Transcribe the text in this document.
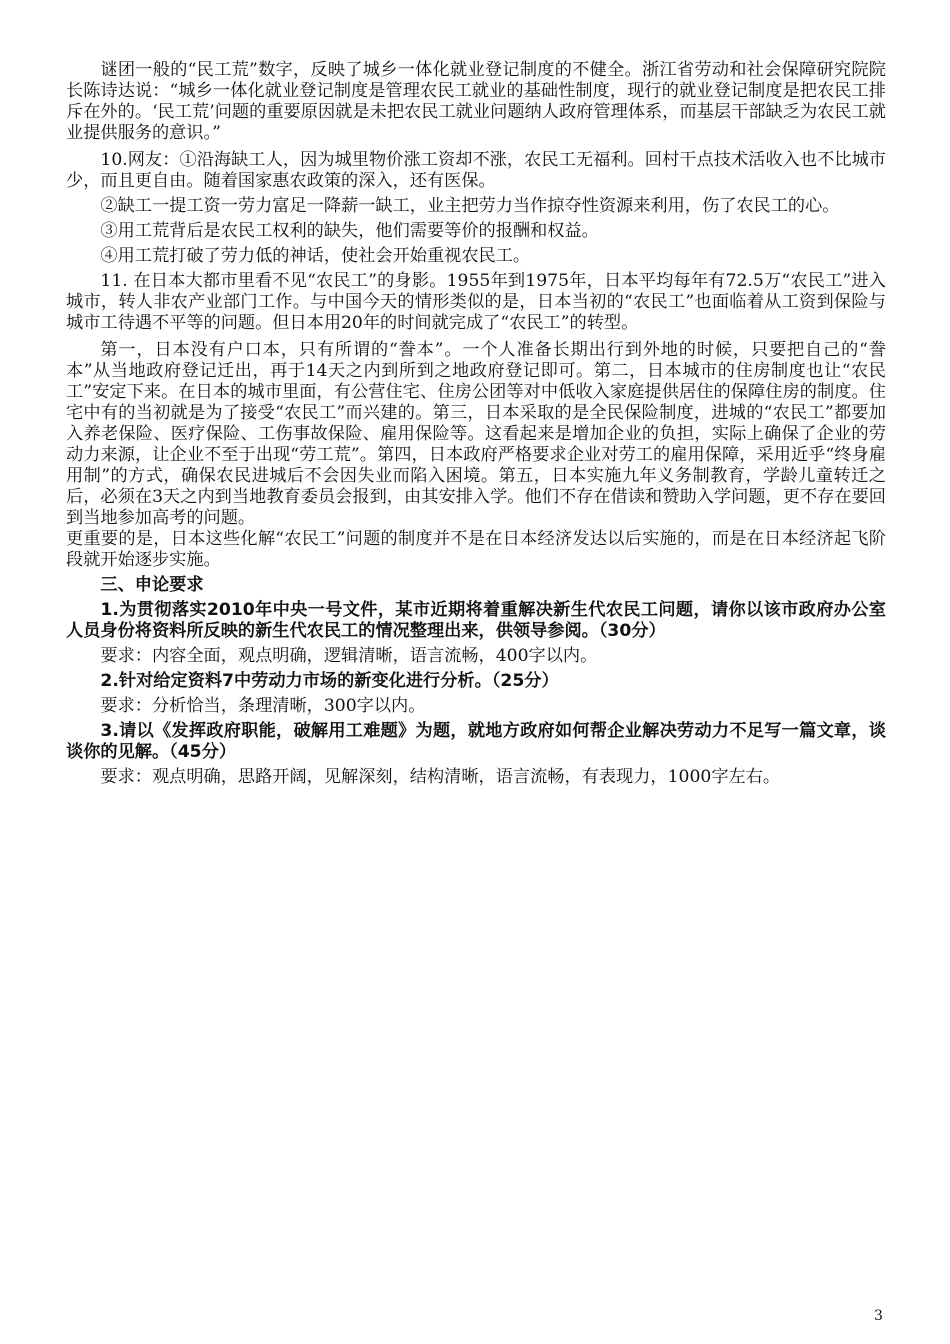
谜团一般的“民工荒”数字，反映了城乡一体化就业登记制度的不健全。浙江省劳动和社会保障研究院院长陈诗达说：“城乡一体化就业登记制度是管理农民工就业的基础性制度，现行的就业登记制度是把农民工排斥在外的。‘民工荒’问题的重要原因就是未把农民工就业问题纳人政府管理体系，而基层干部缺乏为农民工就业提供服务的意识。”

10.网友：①沿海缺工人，因为城里物价涨工资却不涨，农民工无福利。回村干点技术活收入也不比城市少，而且更自由。随着国家惠农政策的深入，还有医保。

②缺工一提工资一劳力富足一降薪一缺工，业主把劳力当作掠夺性资源来利用，伤了农民工的心。

③用工荒背后是农民工权利的缺失，他们需要等价的报酬和权益。

④用工荒打破了劳力低的神话，使社会开始重视农民工。

11. 在日本大都市里看不见“农民工”的身影。1955年到1975年，日本平均每年有72.5万“农民工”进入城市，转人非农产业部门工作。与中国今天的情形类似的是，日本当初的“农民工”也面临着从工资到保险与城市工待遇不平等的问题。但日本用20年的时间就完成了“农民工”的转型。

第一，日本没有户口本，只有所谓的“誊本”。一个人准备长期出行到外地的时候，只要把自己的“誊本”从当地政府登记迁出，再于14天之内到所到之地政府登记即可。第二，日本城市的住房制度也让“农民工”安定下来。在日本的城市里面，有公营住宅、住房公团等对中低收入家庭提供居住的保障住房的制度。住宅中有的当初就是为了接受“农民工”而兴建的。第三，日本采取的是全民保险制度，进城的“农民工”都要加入养老保险、医疗保险、工伤事故保险、雇用保险等。这看起来是增加企业的负担，实际上确保了企业的劳动力来源，让企业不至于出现“劳工荒”。第四，日本政府严格要求企业对劳工的雇用保障，采用近乎“终身雇用制”的方式，确保农民进城后不会因失业而陷入困境。第五，日本实施九年义务制教育，学龄儿童转迁之后，必须在3天之内到当地教育委员会报到，由其安排入学。他们不存在借读和赞助入学问题，更不存在要回到当地参加高考的问题。

更重要的是，日本这些化解“农民工”问题的制度并不是在日本经济发达以后实施的，而是在日本经济起飞阶段就开始逐步实施。

三、申论要求

1.为贯彻落实2010年中央一号文件，某市近期将着重解决新生代农民工问题，请你以该市政府办公室人员身份将资料所反映的新生代农民工的情况整理出来，供领导参阅。（30分）

要求：内容全面，观点明确，逻辑清晰，语言流畅，400字以内。

2.针对给定资料7中劳动力市场的新变化进行分析。（25分）

要求：分析恰当，条理清晰，300字以内。

3.请以《发挥政府职能，破解用工难题》为题，就地方政府如何帮企业解决劳动力不足写一篇文章，谈谈你的见解。（45分）

要求：观点明确，思路开阔，见解深刻，结构清晰，语言流畅，有表现力，1000字左右。

3
